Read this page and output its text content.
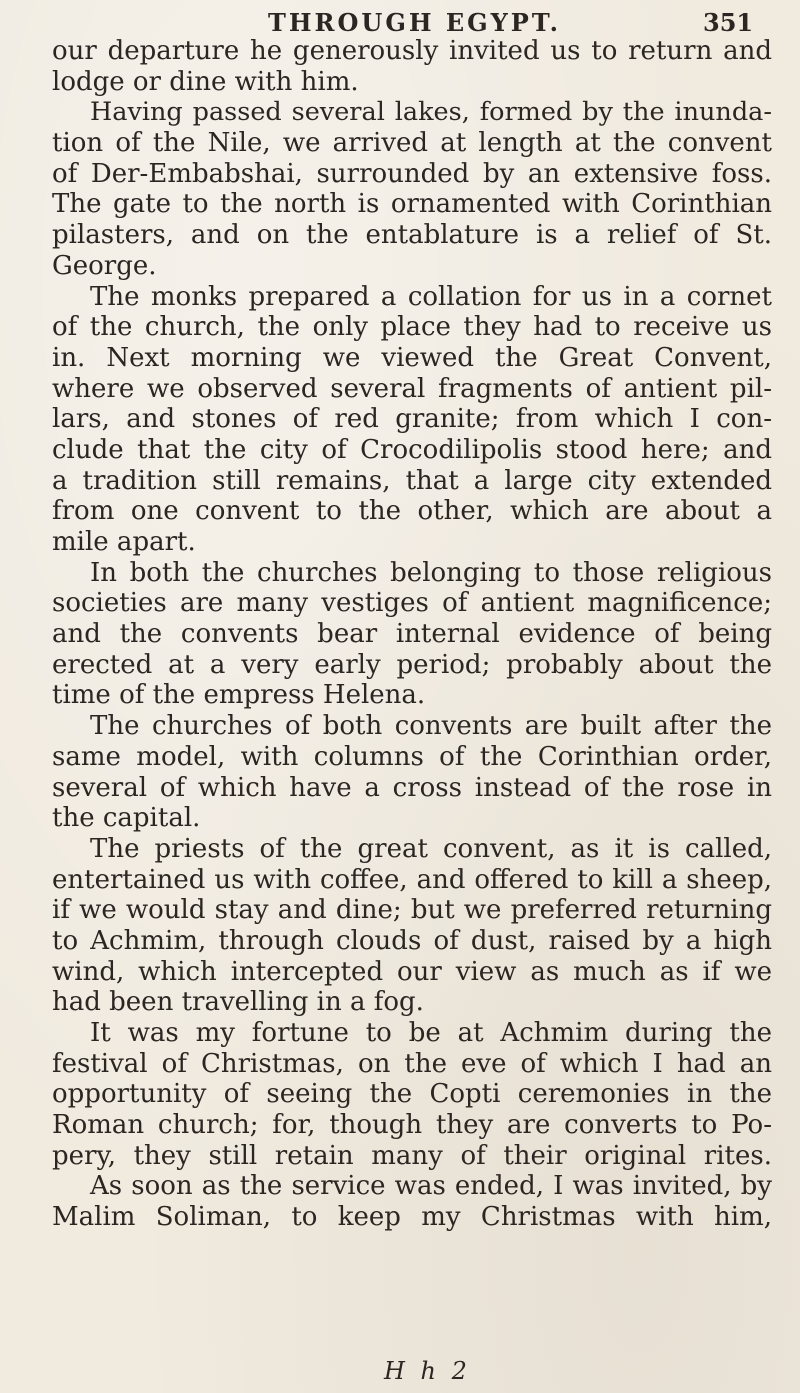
THROUGH EGYPT.	351
our departure he generously invited us to return and
lodge or dine with him.
Having passed several lakes, formed by the inunda-
tion of the Nile, we arrived at length at the convent
of Der-Embabshai, surrounded by an extensive foss.
The gate to the north is ornamented with Corinthian
pilasters, and on the entablature is a relief of St.
George.
The monks prepared a collation for us in a cornet
of the church, the only place they had to receive us
in. Next morning we viewed the Great Convent,
where we observed several fragments of antient pil-
lars, and stones of red granite; from which I con-
clude that the city of Crocodilipolis stood here; and
a tradition still remains, that a large city extended
from one convent to the other, which are about a
mile apart.
In both the churches belonging to those religious
societies are many vestiges of antient magnificence;
and the convents bear internal evidence of being
erected at a very early period; probably about the
time of the empress Helena.
The churches of both convents are built after the
same model, with columns of the Corinthian order,
several of which have a cross instead of the rose in
the capital.
The priests of the great convent, as it is called,
entertained us with coffee, and offered to kill a sheep,
if we would stay and dine; but we preferred returning
to Achmim, through clouds of dust, raised by a high
wind, which intercepted our view as much as if we
had been travelling in a fog.
It was my fortune to be at Achmim during the
festival of Christmas, on the eve of which I had an
opportunity of seeing the Copti ceremonies in the
Roman church; for, though they are converts to Po-
pery, they still retain many of their original rites.
As soon as the service was ended, I was invited, by
Malim Soliman, to keep my Christmas with him,
H h 2
